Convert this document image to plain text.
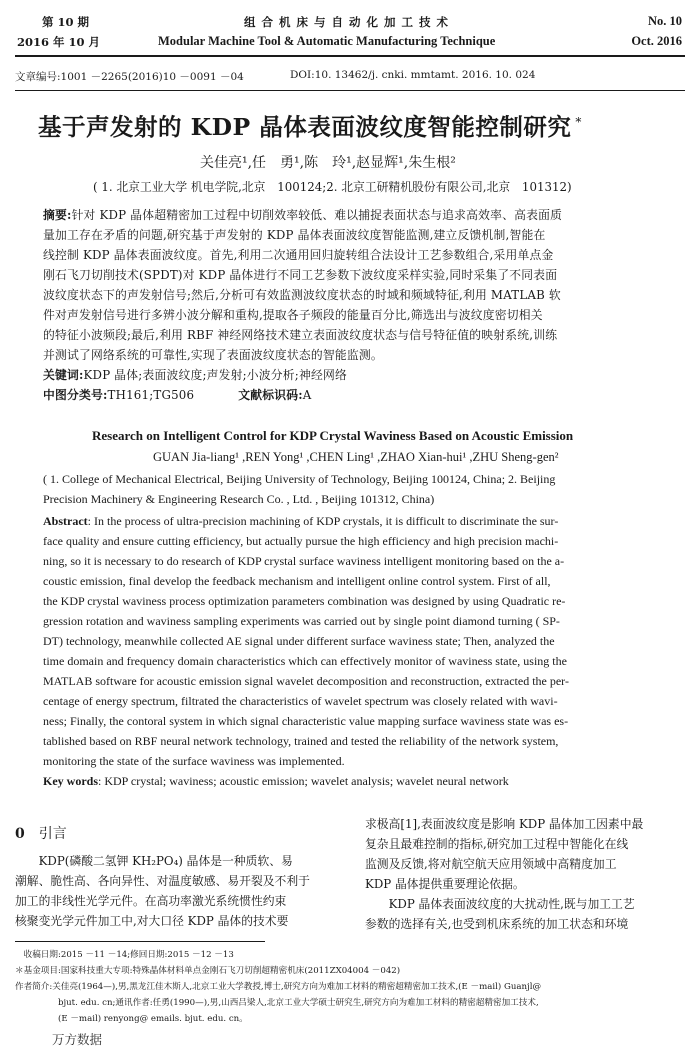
第 10 期
2016 年 10 月
组 合 机 床 与 自 动 化 加 工 技 术
Modular Machine Tool & Automatic Manufacturing Technique
No. 10
Oct. 2016
文章编号:1001 －2265(2016)10 －0091 －04	DOI:10. 13462/j. cnki. mmtamt. 2016. 10. 024
基于声发射的 KDP 晶体表面波纹度智能控制研究 *
关佳亮¹,任　勇¹,陈　玲¹,赵显辉¹,朱生根²
( 1. 北京工业大学 机电学院,北京　100124;2. 北京工研精机股份有限公司,北京　101312)
摘要:针对 KDP 晶体超精密加工过程中切削效率较低、难以捕捉表面状态与追求高效率、高表面质
量加工存在矛盾的问题,研究基于声发射的 KDP 晶体表面波纹度智能监测,建立反馈机制,智能在
线控制 KDP 晶体表面波纹度。首先,利用二次通用回归旋转组合法设计工艺参数组合,采用单点金
刚石飞刀切削技术(SPDT)对 KDP 晶体进行不同工艺参数下波纹度采样实验,同时采集了不同表面
波纹度状态下的声发射信号;然后,分析可有效监测波纹度状态的时域和频域特征,利用 MATLAB 软
件对声发射信号进行多辨小波分解和重构,提取各子频段的能量百分比,筛选出与波纹度密切相关
的特征小波频段;最后,利用 RBF 神经网络技术建立表面波纹度状态与信号特征值的映射系统,训练
并测试了网络系统的可靠性,实现了表面波纹度状态的智能监测。
关键词:KDP 晶体;表面波纹度;声发射;小波分析;神经网络
中图分类号:TH161;TG506	文献标识码:A
Research on Intelligent Control for KDP Crystal Waviness Based on Acoustic Emission
GUAN Jia-liang¹ ,REN Yong¹ ,CHEN Ling¹ ,ZHAO Xian-hui¹ ,ZHU Sheng-gen²
( 1. College of Mechanical Electrical, Beijing University of Technology, Beijing 100124, China; 2. Beijing
Precision Machinery & Engineering Research Co. , Ltd. , Beijing 101312, China)
Abstract: In the process of ultra-precision machining of KDP crystals, it is difficult to discriminate the sur-
face quality and ensure cutting efficiency, but actually pursue the high efficiency and high precision machi-
ning, so it is necessary to do research of KDP crystal surface waviness intelligent monitoring based on the a-
coustic emission, final develop the feedback mechanism and intelligent online control system. First of all,
the KDP crystal waviness process optimization parameters combination was designed by using Quadratic re-
gression rotation and waviness sampling experiments was carried out by single point diamond turning ( SP-
DT) technology, meanwhile collected AE signal under different surface waviness state; Then, analyzed the
time domain and frequency domain characteristics which can effectively monitor of waviness state, using the
MATLAB software for acoustic emission signal wavelet decomposition and reconstruction, extracted the per-
centage of energy spectrum, filtrated the characteristics of wavelet spectrum was closely related with wavi-
ness; Finally, the contoral system in which signal characteristic value mapping surface waviness state was es-
tablished based on RBF neural network technology, trained and tested the reliability of the network system,
monitoring the state of the surface waviness was implemented.
Key words: KDP crystal; waviness; acoustic emission; wavelet analysis; wavelet neural network
0 引言
　　KDP(磷酸二氢钾 KH₂PO₄) 晶体是一种质软、易
潮解、脆性高、各向异性、对温度敏感、易开裂及不利于
加工的非线性光学元件。在高功率激光系统惯性约束
核聚变光学元件加工中,对大口径 KDP 晶体的技术要
求极高[1],表面波纹度是影响 KDP 晶体加工因素中最
复杂且最难控制的指标,研究加工过程中智能化在线
监测及反馈,将对航空航天应用领域中高精度加工
KDP 晶体提供重要理论依据。
　　KDP 晶体表面波纹度的大扰动性,既与加工工艺
参数的选择有关,也受到机床系统的加工状态和环境
　收稿日期:2015 －11 －14;修回日期:2015 －12 －13
＊基金项目:国家科技重大专项:特殊晶体材料单点金刚石飞刀切削超精密机床(2011ZX04004 －042)
作者简介:关佳亮(1964—),男,黑龙江佳木斯人,北京工业大学教授,博士,研究方向为难加工材料的精密超精密加工技术,(E －mail) Guanjl@
　　　　　bjut. edu. cn;通讯作者:任勇(1990—),男,山西吕梁人,北京工业大学硕士研究生,研究方向为难加工材料的精密超精密加工技术,
　　　　　(E －mail) renyong@ emails. bjut. edu. cn。
万方数据
